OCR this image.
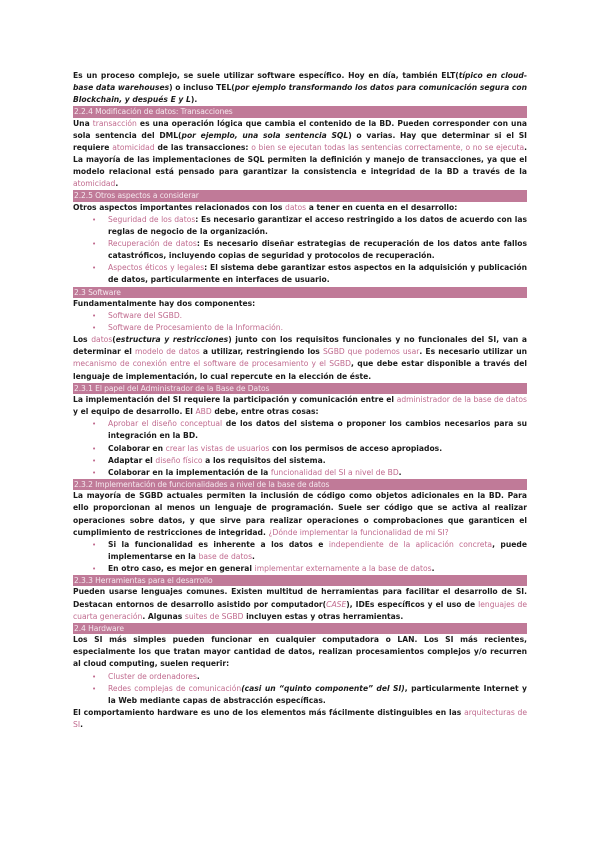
Es un proceso complejo, se suele utilizar software específico. Hoy en día, también ELT(típico en cloud-base data warehouses) o incluso TEL(por ejemplo transformando los datos para comunicación segura con Blockchain, y después E y L).

2.2.4 Modificación de datos: Transacciones

Una transacción es una operación lógica que cambia el contenido de la BD. Pueden corresponder con una sola sentencia del DML(por ejemplo, una sola sentencia SQL) o varias. Hay que determinar si el SI requiere atomicidad de las transacciones: o bien se ejecutan todas las sentencias correctamente, o no se ejecuta. La mayoría de las implementaciones de SQL permiten la definición y manejo de transacciones, ya que el modelo relacional está pensado para garantizar la consistencia e integridad de la BD a través de la atomicidad.

2.2.5 Otros aspectos a considerar

Otros aspectos importantes relacionados con los datos a tener en cuenta en el desarrollo:

• Seguridad de los datos: Es necesario garantizar el acceso restringido a los datos de acuerdo con las reglas de negocio de la organización.
• Recuperación de datos: Es necesario diseñar estrategias de recuperación de los datos ante fallos catastróficos, incluyendo copias de seguridad y protocolos de recuperación.
• Aspectos éticos y legales: El sistema debe garantizar estos aspectos en la adquisición y publicación de datos, particularmente en interfaces de usuario.
2.3 Software

Fundamentalmente hay dos componentes:

• Software del SGBD.
• Software de Procesamiento de la Información.

Los datos(estructura y restricciones) junto con los requisitos funcionales y no funcionales del SI, van a determinar el modelo de datos a utilizar, restringiendo los SGBD que podemos usar. Es necesario utilizar un mecanismo de conexión entre el software de procesamiento y el SGBD, que debe estar disponible a través del lenguaje de implementación, lo cual repercute en la elección de éste.

2.3.1 El papel del Administrador de la Base de Datos

La implementación del SI requiere la participación y comunicación entre el administrador de la base de datos y el equipo de desarrollo. El ABD debe, entre otras cosas:

• Aprobar el diseño conceptual de los datos del sistema o proponer los cambios necesarios para su integración en la BD.
• Colaborar en crear las vistas de usuarios con los permisos de acceso apropiados.
• Adaptar el diseño físico a los requisitos del sistema.
• Colaborar en la implementación de la funcionalidad del SI a nivel de BD.
2.3.2 Implementación de funcionalidades a nivel de la base de datos

La mayoría de SGBD actuales permiten la inclusión de código como objetos adicionales en la BD. Para ello proporcionan al menos un lenguaje de programación. Suele ser código que se activa al realizar operaciones sobre datos, y que sirve para realizar operaciones o comprobaciones que garanticen el cumplimiento de restricciones de integridad. ¿Dónde implementar la funcionalidad de mi SI?

• Si la funcionalidad es inherente a los datos e independiente de la aplicación concreta, puede implementarse en la base de datos.
• En otro caso, es mejor en general implementar externamente a la base de datos.
2.3.3 Herramientas para el desarrollo

Pueden usarse lenguajes comunes. Existen multitud de herramientas para facilitar el desarrollo de SI. Destacan entornos de desarrollo asistido por computador(CASE), IDEs específicos y el uso de lenguajes de cuarta generación. Algunas suites de SGBD incluyen estas y otras herramientas.

2.4 Hardware

Los SI más simples pueden funcionar en cualquier computadora o LAN. Los SI más recientes, especialmente los que tratan mayor cantidad de datos, realizan procesamientos complejos y/o recurren al cloud computing, suelen requerir:

• Cluster de ordenadores.
• Redes complejas de comunicación(casi un “quinto componente” del SI), particularmente Internet y la Web mediante capas de abstracción específicas.

El comportamiento hardware es uno de los elementos más fácilmente distinguibles en las arquitecturas de SI.
